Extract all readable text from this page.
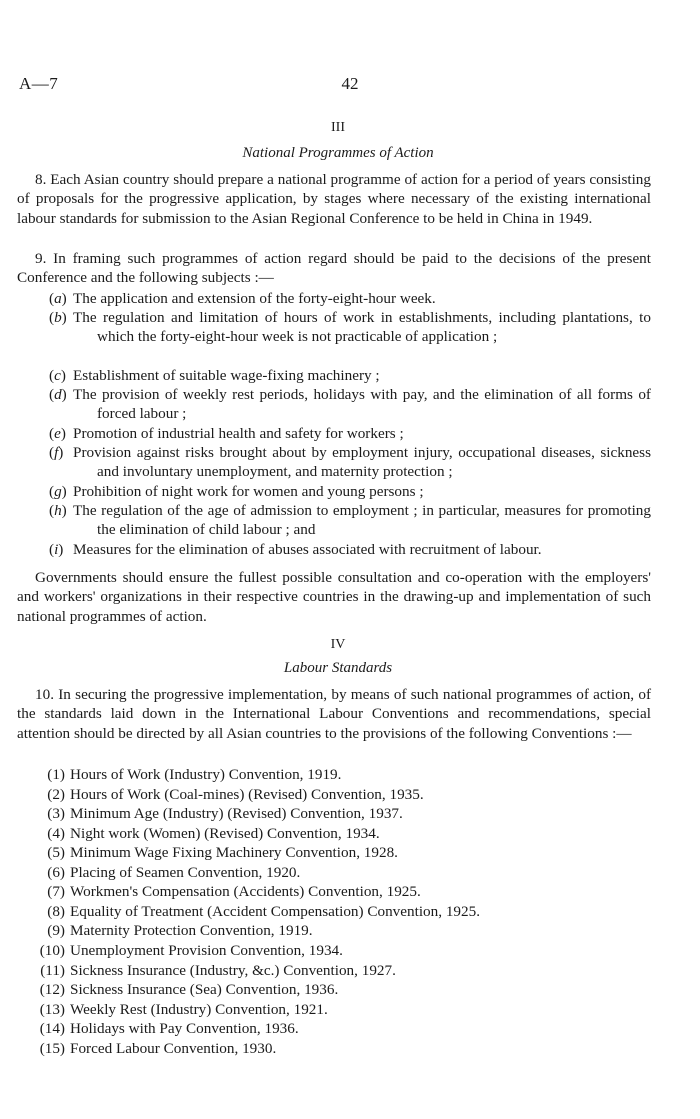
A—7	42
III
National Programmes of Action

8. Each Asian country should prepare a national programme of action for a period of years consisting of proposals for the progressive application, by stages where necessary of the existing international labour standards for submission to the Asian Regional Conference to be held in China in 1949.

9. In framing such programmes of action regard should be paid to the decisions of the present Conference and the following subjects :—

(a) The application and extension of the forty-eight-hour week.

(b) The regulation and limitation of hours of work in establishments, including plantations, to which the forty-eight-hour week is not practicable of application ;

(c) Establishment of suitable wage-fixing machinery ;

(d) The provision of weekly rest periods, holidays with pay, and the elimination of all forms of forced labour ;

(e) Promotion of industrial health and safety for workers ;

(f) Provision against risks brought about by employment injury, occupational diseases, sickness and involuntary unemployment, and maternity protection ;

(g) Prohibition of night work for women and young persons ;

(h) The regulation of the age of admission to employment ; in particular, measures for promoting the elimination of child labour ; and

(i) Measures for the elimination of abuses associated with recruitment of labour.

Governments should ensure the fullest possible consultation and co-operation with the employers' and workers' organizations in their respective countries in the drawing-up and implementation of such national programmes of action.

IV
Labour Standards

10. In securing the progressive implementation, by means of such national programmes of action, of the standards laid down in the International Labour Conventions and recommendations, special attention should be directed by all Asian countries to the provisions of the following Conventions :—

(1) Hours of Work (Industry) Convention, 1919.

(2) Hours of Work (Coal-mines) (Revised) Convention, 1935.

(3) Minimum Age (Industry) (Revised) Convention, 1937.

(4) Night work (Women) (Revised) Convention, 1934.

(5) Minimum Wage Fixing Machinery Convention, 1928.

(6) Placing of Seamen Convention, 1920.

(7) Workmen's Compensation (Accidents) Convention, 1925.

(8) Equality of Treatment (Accident Compensation) Convention, 1925.

(9) Maternity Protection Convention, 1919.

(10) Unemployment Provision Convention, 1934.

(11) Sickness Insurance (Industry, &c.) Convention, 1927.

(12) Sickness Insurance (Sea) Convention, 1936.

(13) Weekly Rest (Industry) Convention, 1921.

(14) Holidays with Pay Convention, 1936.

(15) Forced Labour Convention, 1930.
